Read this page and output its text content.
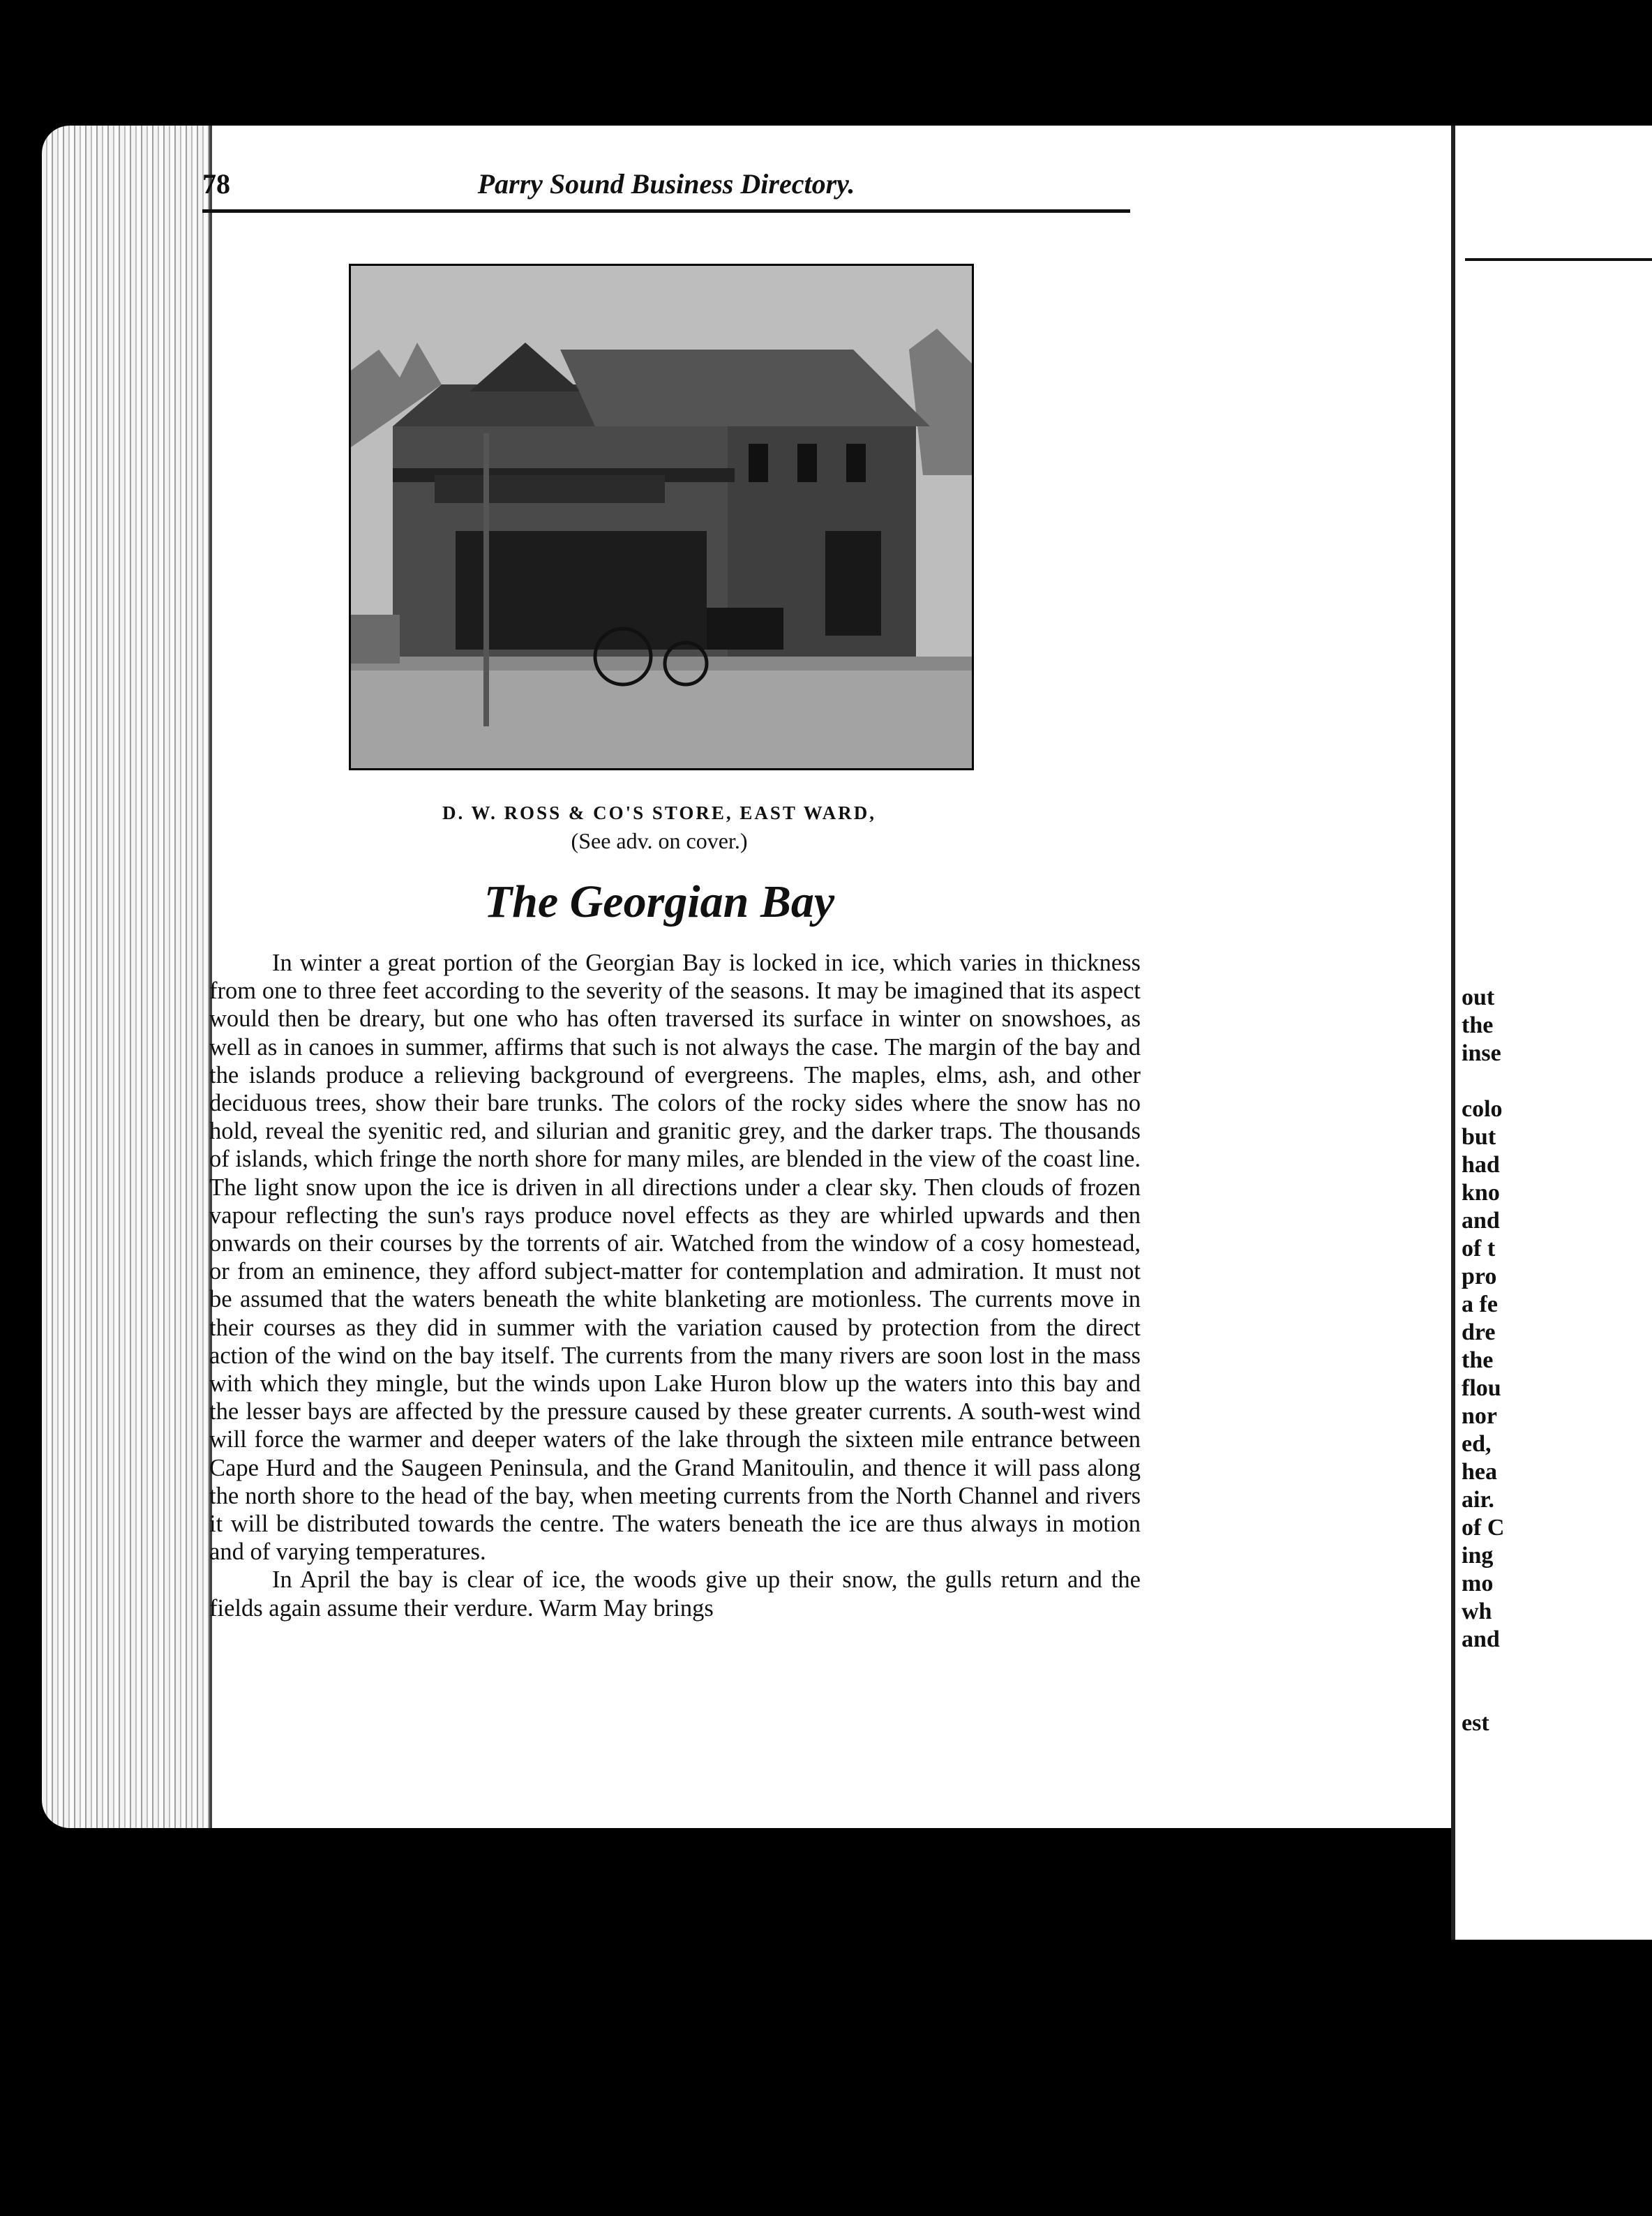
78	Parry Sound Business Directory.
D. W. ROSS & CO'S STORE, EAST WARD,
(See adv. on cover.)
The Georgian Bay

In winter a great portion of the Georgian Bay is locked in ice, which varies in thickness from one to three feet according to the severity of the seasons. It may be imagined that its aspect would then be dreary, but one who has often traversed its surface in winter on snowshoes, as well as in canoes in summer, affirms that such is not always the case. The margin of the bay and the islands produce a relieving background of evergreens. The maples, elms, ash, and other deciduous trees, show their bare trunks. The colors of the rocky sides where the snow has no hold, reveal the syenitic red, and silurian and granitic grey, and the darker traps. The thousands of islands, which fringe the north shore for many miles, are blended in the view of the coast line. The light snow upon the ice is driven in all directions under a clear sky. Then clouds of frozen vapour reflecting the sun's rays produce novel effects as they are whirled upwards and then onwards on their courses by the torrents of air. Watched from the window of a cosy homestead, or from an eminence, they afford subject-matter for contemplation and admiration. It must not be assumed that the waters beneath the white blanketing are motionless. The currents move in their courses as they did in summer with the variation caused by protection from the direct action of the wind on the bay itself. The currents from the many rivers are soon lost in the mass with which they mingle, but the winds upon Lake Huron blow up the waters into this bay and the lesser bays are affected by the pressure caused by these greater currents. A south-west wind will force the warmer and deeper waters of the lake through the sixteen mile entrance between Cape Hurd and the Saugeen Peninsula, and the Grand Manitoulin, and thence it will pass along the north shore to the head of the bay, when meeting currents from the North Channel and rivers it will be distributed towards the centre. The waters beneath the ice are thus always in motion and of varying temperatures.

In April the bay is clear of ice, the woods give up their snow, the gulls return and the fields again assume their verdure. Warm May brings

out
the
inse

colo
but
had
kno
and
of t
pro
a fe
dre
the
flou
nor
ed,
hea
air.
of C
ing
mo
wh
and

est
